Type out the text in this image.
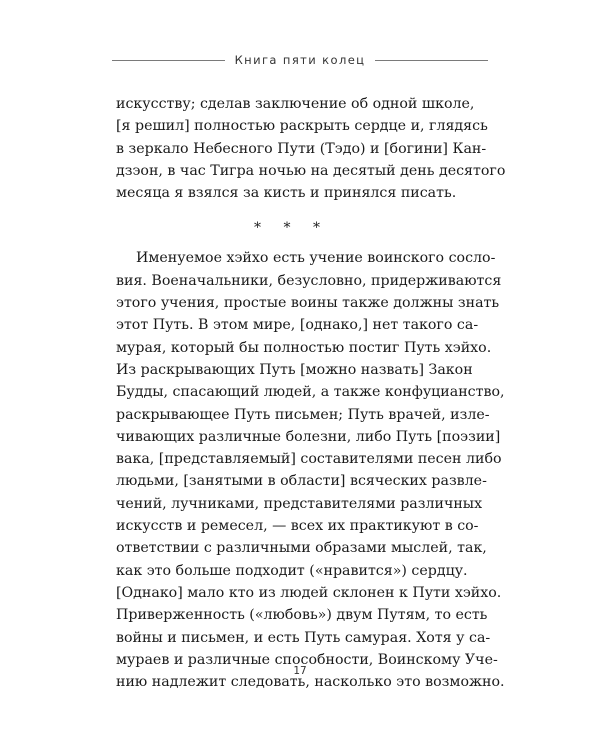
Книга пяти колец
искусству; сделав заключение об одной школе,
[я решил] полностью раскрыть сердце и, глядясь
в зеркало Небесного Пути (Тэдо) и [богини] Кан-
дзэон, в час Тигра ночью на десятый день десятого
месяца я взялся за кисть и принялся писать.
* * *
Именуемое хэйхо есть учение воинского сосло-
вия. Военачальники, безусловно, придерживаются
этого учения, простые воины также должны знать
этот Путь. В этом мире, [однако,] нет такого са-
мурая, который бы полностью постиг Путь хэйхо.
Из раскрывающих Путь [можно назвать] Закон
Будды, спасающий людей, а также конфуцианство,
раскрывающее Путь письмен; Путь врачей, изле-
чивающих различные болезни, либо Путь [поэзии]
вака, [представляемый] составителями песен либо
людьми, [занятыми в области] всяческих развле-
чений, лучниками, представителями различных
искусств и ремесел, — всех их практикуют в со-
ответствии с различными образами мыслей, так,
как это больше подходит («нравится») сердцу.
[Однако] мало кто из людей склонен к Пути хэйхо.
Приверженность («любовь») двум Путям, то есть
войны и письмен, и есть Путь самурая. Хотя у са-
мураев и различные способности, Воинскому Уче-
нию надлежит следовать, насколько это возможно.
17
